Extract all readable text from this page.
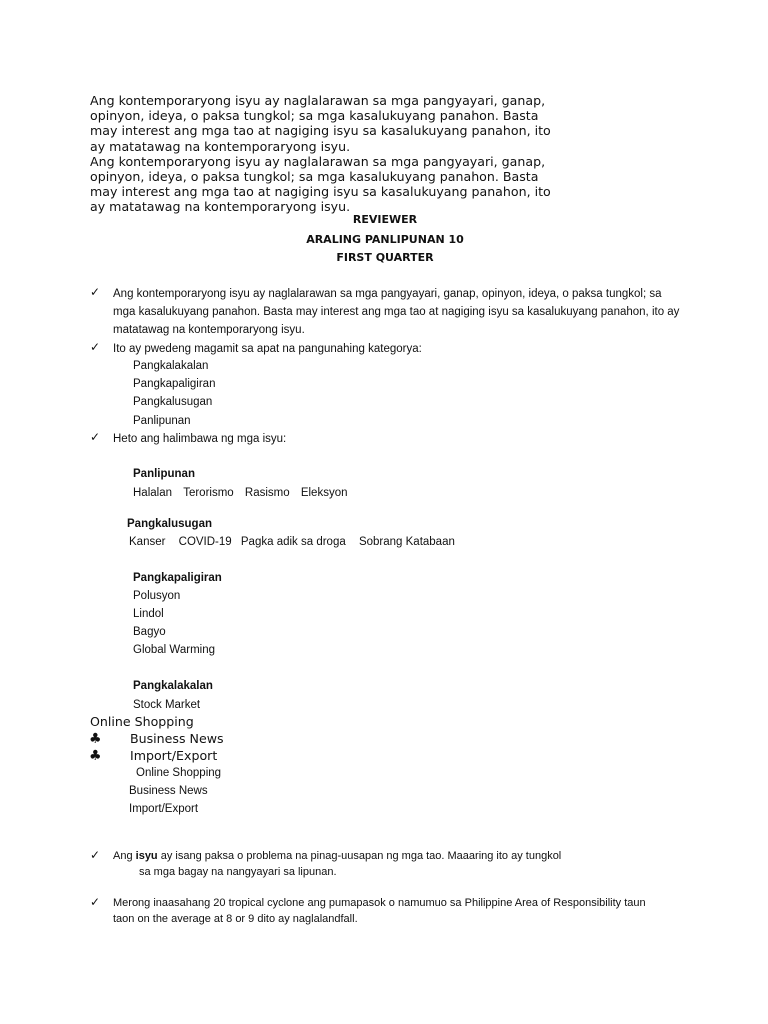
Ang kontemporaryong isyu ay naglalarawan sa mga pangyayari, ganap, opinyon, ideya, o paksa tungkol; sa mga kasalukuyang panahon. Basta may interest ang mga tao at nagiging isyu sa kasalukuyang panahon, ito ay matatawag na kontemporaryong isyu.

Ang kontemporaryong isyu ay naglalarawan sa mga pangyayari, ganap, opinyon, ideya, o paksa tungkol; sa mga kasalukuyang panahon. Basta may interest ang mga tao at nagiging isyu sa kasalukuyang panahon, ito ay matatawag na kontemporaryong isyu.

REVIEWER
ARALING PANLIPUNAN 10
FIRST QUARTER
✓ Ang kontemporaryong isyu ay naglalarawan sa mga pangyayari, ganap, opinyon, ideya, o paksa tungkol; sa
mga kasalukuyang panahon. Basta may interest ang mga tao at nagiging isyu sa kasalukuyang panahon, ito ay
matatawag na kontemporaryong isyu.
✓ Ito ay pwedeng magamit sa apat na pangunahing kategorya:
Pangkalakalan
Pangkapaligiran
Pangkalusugan
Panlipunan
✓ Heto ang halimbawa ng mga isyu:
Panlipunan
Halalan Terorismo Rasismo Eleksyon
Pangkalusugan
Kanser COVID-19 Pagka adik sa droga Sobrang Katabaan
Pangkapaligiran
Polusyon
Lindol
Bagyo
Global Warming
Pangkalakalan
Stock Market
Online Shopping
♣ Business News
♣ Import/Export
Online Shopping
Business News
Import/Export
✓ Ang isyu ay isang paksa o problema na pinag-uusapan ng mga tao. Maaaring ito ay tungkol
sa mga bagay na nangyayari sa lipunan.
✓ Merong inaasahang 20 tropical cyclone ang pumapasok o namumuo sa Philippine Area of Responsibility taun
taon on the average at 8 or 9 dito ay naglalandfall.
